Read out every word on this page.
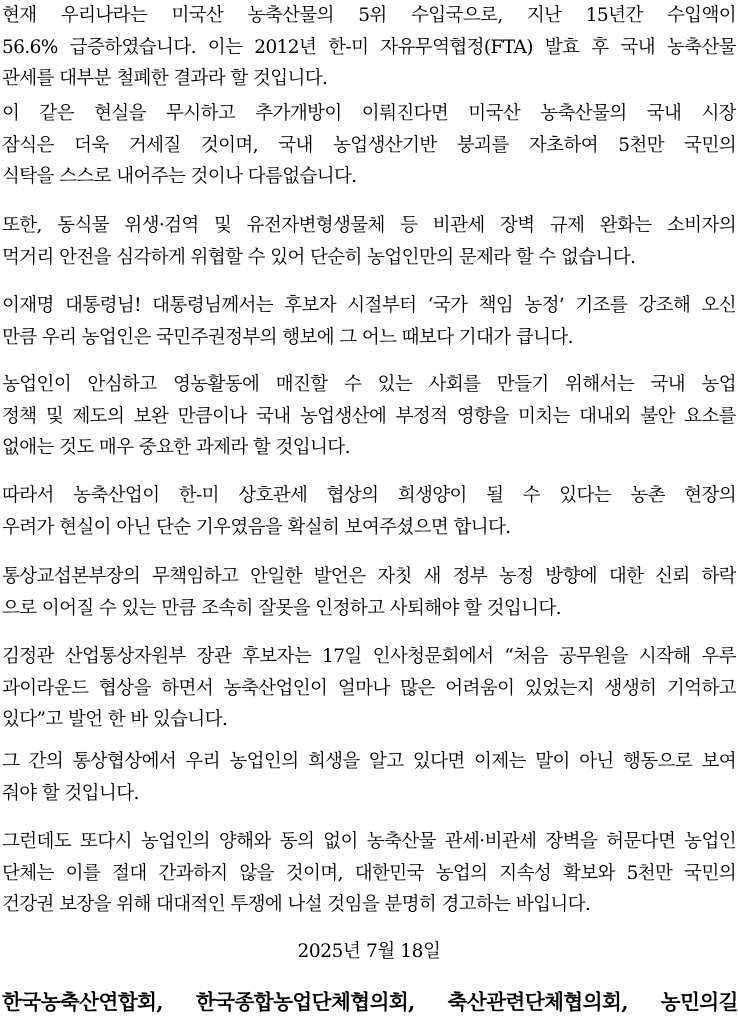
현재 우리나라는 미국산 농축산물의 5위 수입국으로, 지난 15년간 수입액이
56.6% 급증하였습니다. 이는 2012년 한-미 자유무역협정(FTA) 발효 후 국내 농축산물
관세를 대부분 철폐한 결과라 할 것입니다.
이 같은 현실을 무시하고 추가개방이 이뤄진다면 미국산 농축산물의 국내 시장
잠식은 더욱 거세질 것이며, 국내 농업생산기반 붕괴를 자초하여 5천만 국민의
식탁을 스스로 내어주는 것이나 다름없습니다.
또한, 동식물 위생·검역 및 유전자변형생물체 등 비관세 장벽 규제 완화는 소비자의
먹거리 안전을 심각하게 위협할 수 있어 단순히 농업인만의 문제라 할 수 없습니다.
이재명 대통령님! 대통령님께서는 후보자 시절부터 ‘국가 책임 농정’ 기조를 강조해 오신
만큼 우리 농업인은 국민주권정부의 행보에 그 어느 때보다 기대가 큽니다.
농업인이 안심하고 영농활동에 매진할 수 있는 사회를 만들기 위해서는 국내 농업
정책 및 제도의 보완 만큼이나 국내 농업생산에 부정적 영향을 미치는 대내외 불안 요소를
없애는 것도 매우 중요한 과제라 할 것입니다.
따라서 농축산업이 한-미 상호관세 협상의 희생양이 될 수 있다는 농촌 현장의
우려가 현실이 아닌 단순 기우였음을 확실히 보여주셨으면 합니다.
통상교섭본부장의 무책임하고 안일한 발언은 자칫 새 정부 농정 방향에 대한 신뢰 하락
으로 이어질 수 있는 만큼 조속히 잘못을 인정하고 사퇴해야 할 것입니다.
김정관 산업통상자원부 장관 후보자는 17일 인사청문회에서 “처음 공무원을 시작해 우루
과이라운드 협상을 하면서 농축산업인이 얼마나 많은 어려움이 있었는지 생생히 기억하고
있다”고 발언 한 바 있습니다.
그 간의 통상협상에서 우리 농업인의 희생을 알고 있다면 이제는 말이 아닌 행동으로 보여
줘야 할 것입니다.
그런데도 또다시 농업인의 양해와 동의 없이 농축산물 관세·비관세 장벽을 허문다면 농업인
단체는 이를 절대 간과하지 않을 것이며, 대한민국 농업의 지속성 확보와 5천만 국민의
건강권 보장을 위해 대대적인 투쟁에 나설 것임을 분명히 경고하는 바입니다.
2025년 7월 18일
한국농축산연합회, 한국종합농업단체협의회, 축산관련단체협의회, 농민의길
